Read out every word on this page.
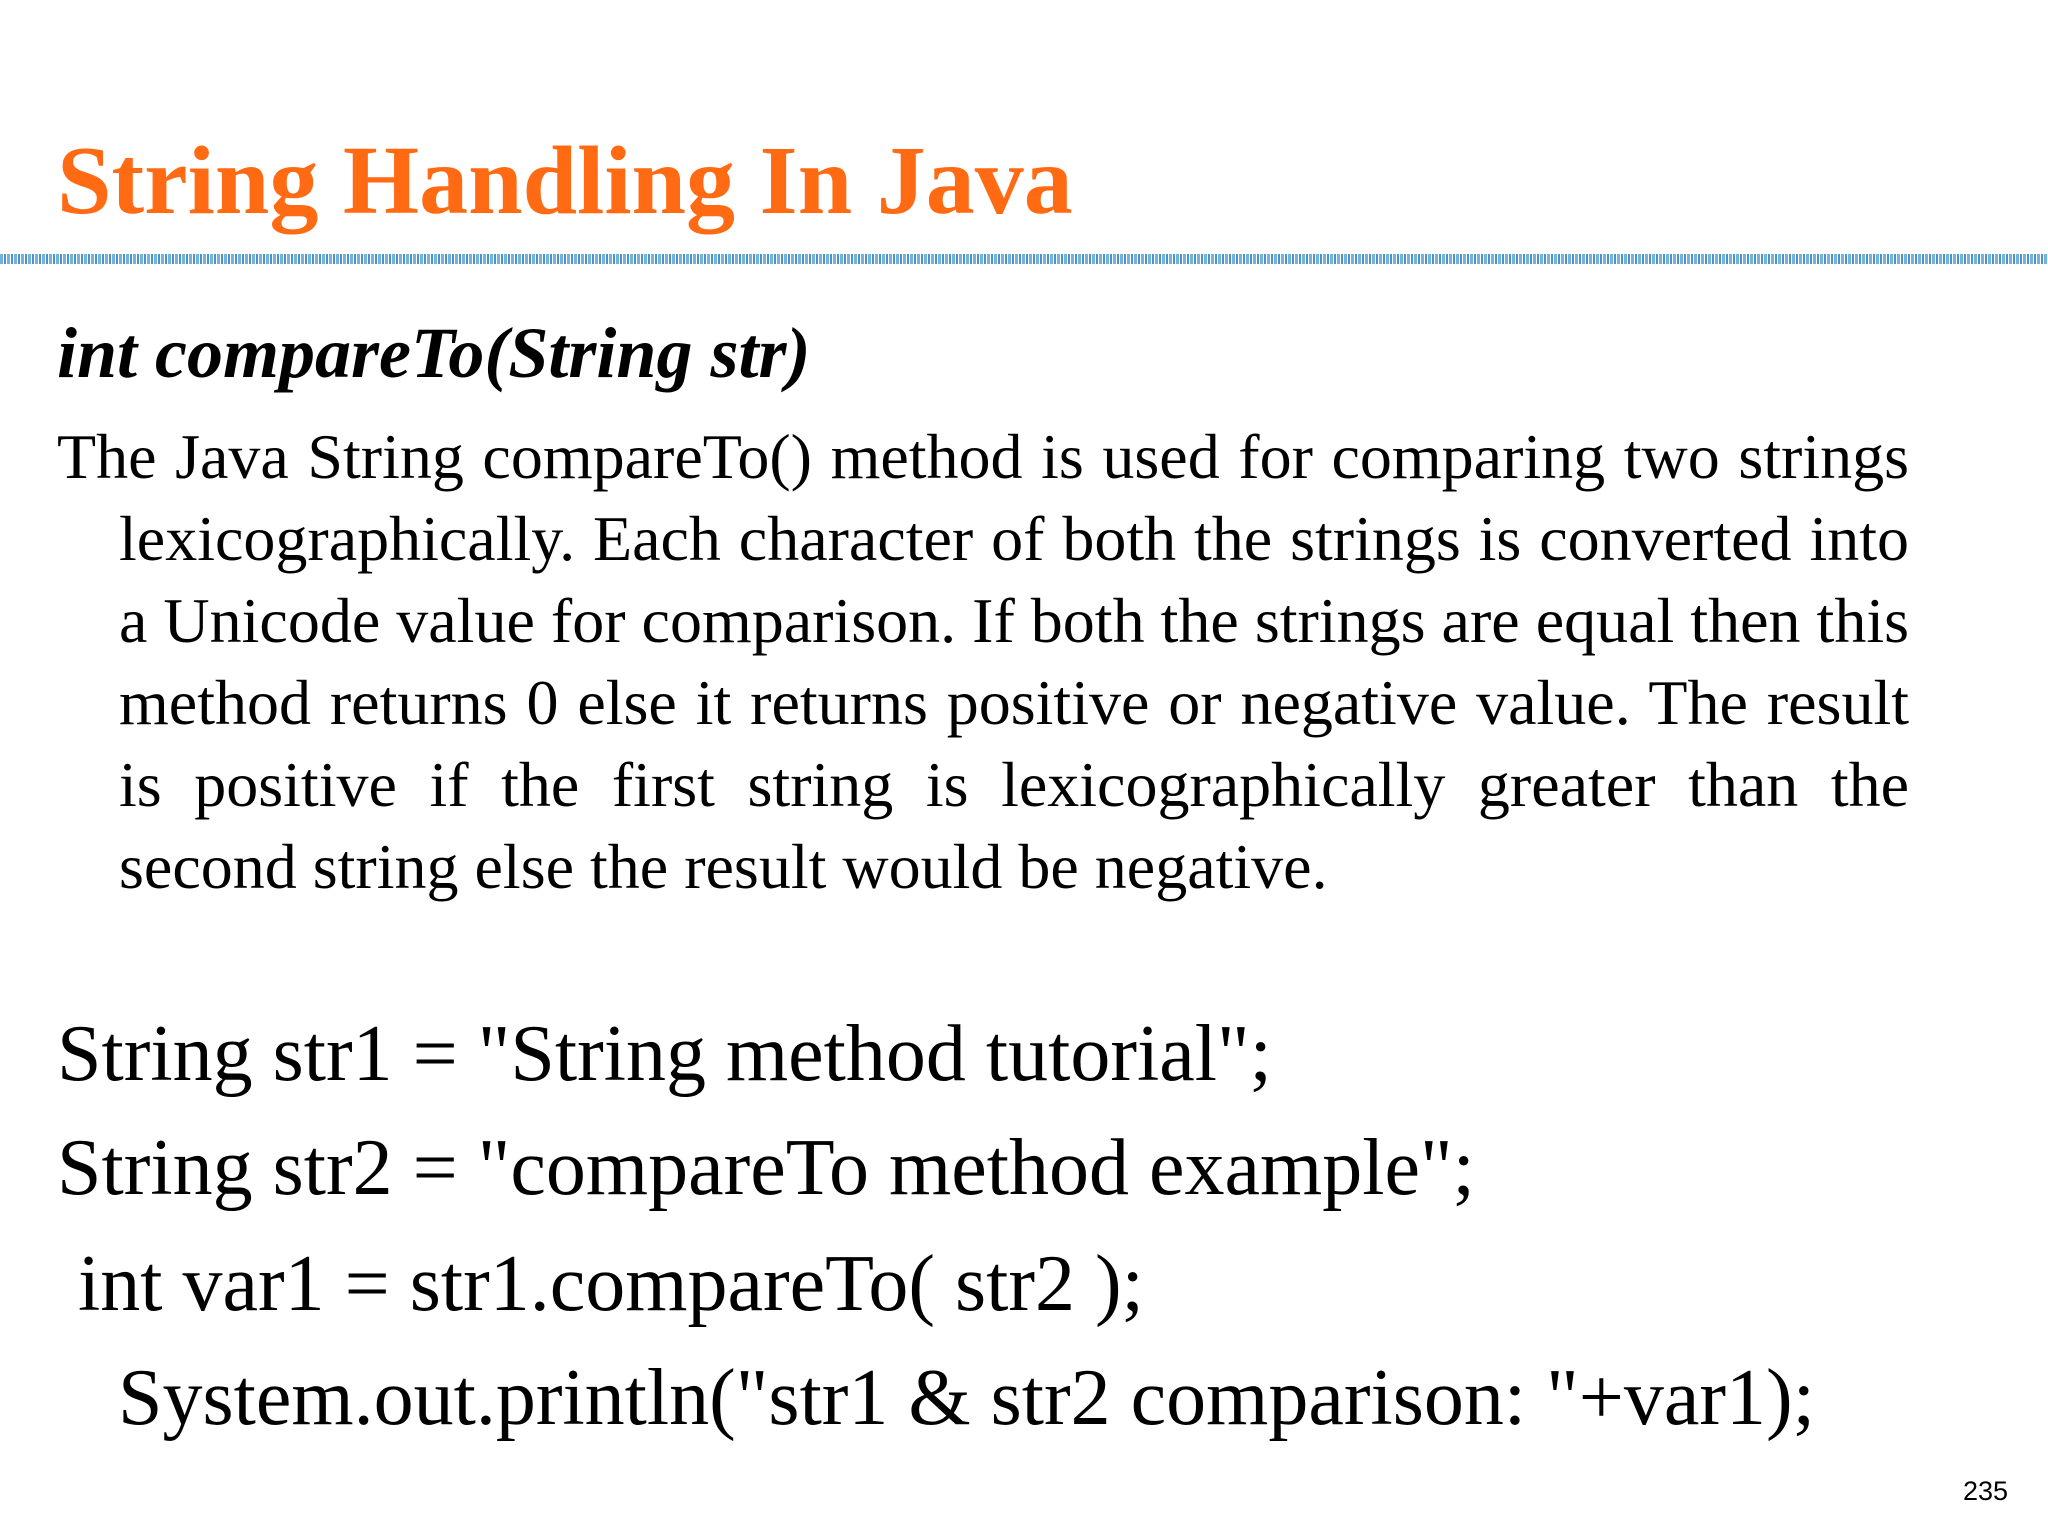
String Handling In Java
int compareTo(String str)

The Java String compareTo() method is used for comparing two strings lexicographically. Each character of both the strings is converted into a Unicode value for comparison. If both the strings are equal then this method returns 0 else it returns positive or negative value. The result is positive if the first string is lexicographically greater than the second string else the result would be negative.

String str1 = "String method tutorial";

String str2 = "compareTo method example";

int var1 = str1.compareTo( str2 );

System.out.println("str1 & str2 comparison: "+var1);

235
